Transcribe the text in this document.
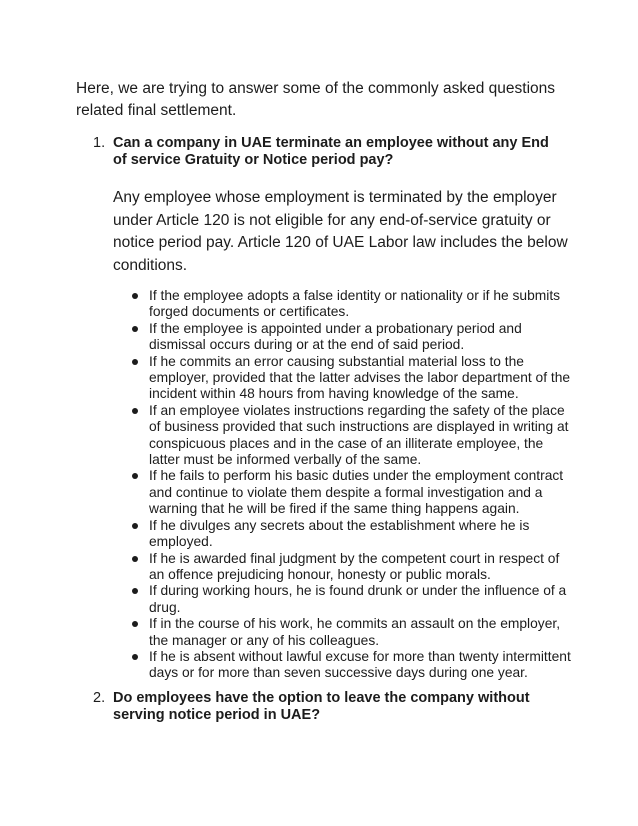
Here, we are trying to answer some of the commonly asked questions related final settlement.

1. Can a company in UAE terminate an employee without any End of service Gratuity or Notice period pay?

Any employee whose employment is terminated by the employer under Article 120 is not eligible for any end-of-service gratuity or notice period pay. Article 120 of UAE Labor law includes the below conditions.

If the employee adopts a false identity or nationality or if he submits forged documents or certificates.
If the employee is appointed under a probationary period and dismissal occurs during or at the end of said period.
If he commits an error causing substantial material loss to the employer, provided that the latter advises the labor department of the incident within 48 hours from having knowledge of the same.
If an employee violates instructions regarding the safety of the place of business provided that such instructions are displayed in writing at conspicuous places and in the case of an illiterate employee, the latter must be informed verbally of the same.
If he fails to perform his basic duties under the employment contract and continue to violate them despite a formal investigation and a warning that he will be fired if the same thing happens again.
If he divulges any secrets about the establishment where he is employed.
If he is awarded final judgment by the competent court in respect of an offence prejudicing honour, honesty or public morals.
If during working hours, he is found drunk or under the influence of a drug.
If in the course of his work, he commits an assault on the employer, the manager or any of his colleagues.
If he is absent without lawful excuse for more than twenty intermittent days or for more than seven successive days during one year.
2. Do employees have the option to leave the company without serving notice period in UAE?
